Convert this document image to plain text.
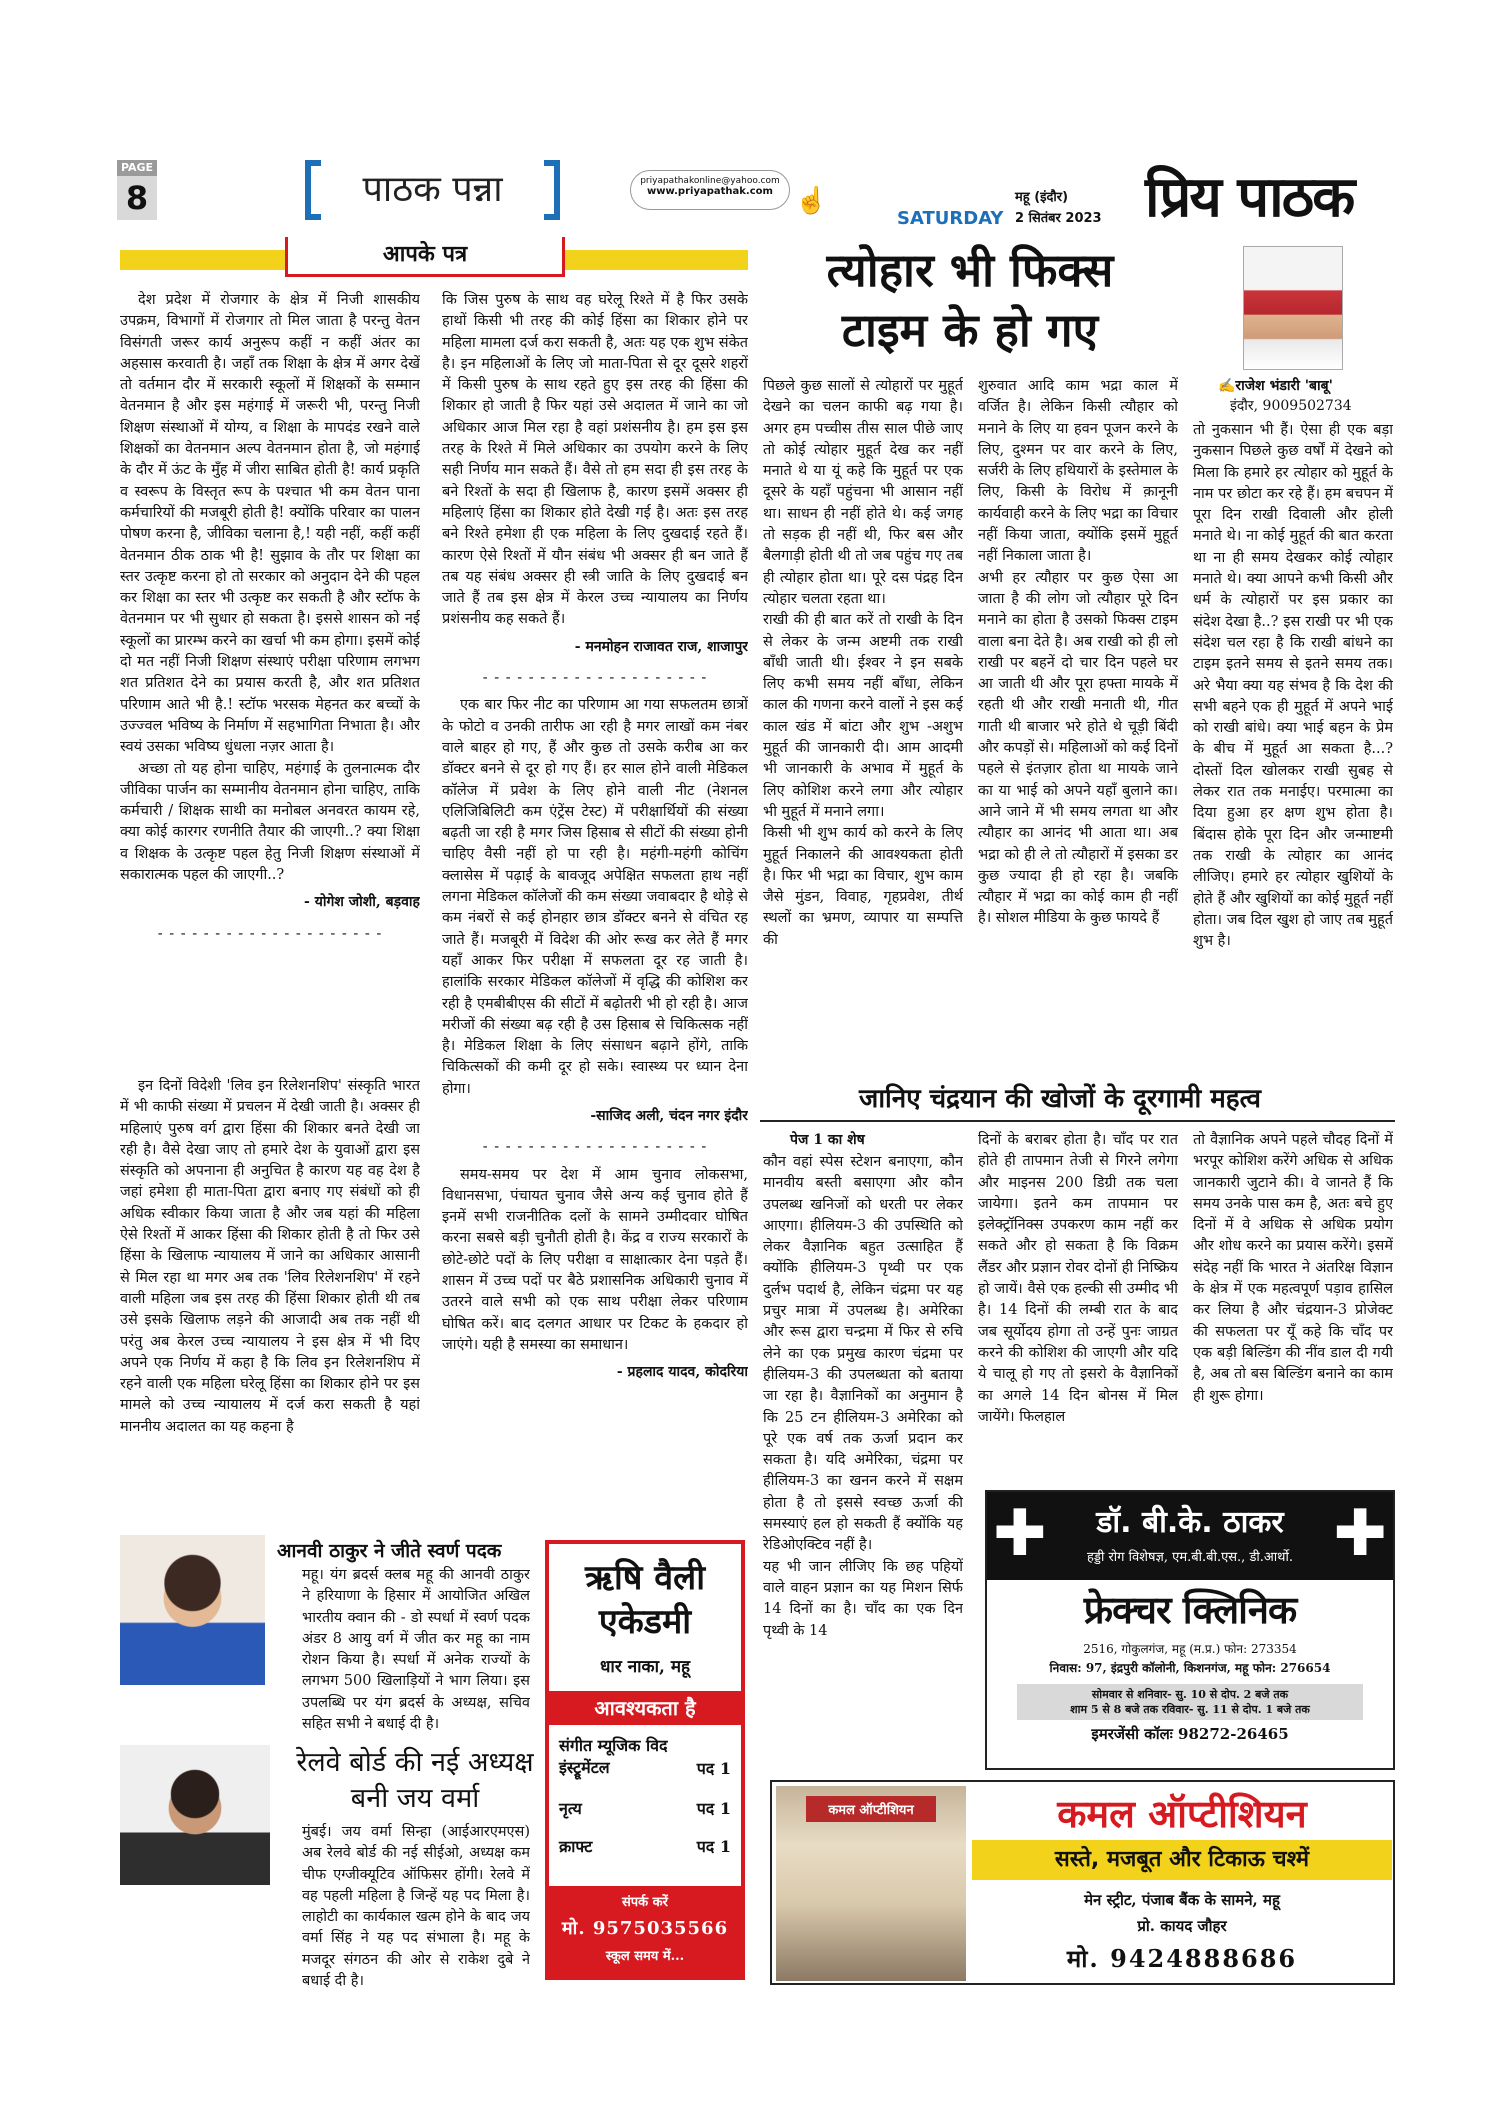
PAGE
8	पाठक पन्ना	priyapathakonline@yahoo.com
www.priyapathak.com ☝	महू (इंदौर)
SATURDAY 2 सितंबर 2023 प्रिय पाठक
आपके पत्र

देश प्रदेश में रोजगार के क्षेत्र में निजी शासकीय उपक्रम, विभागों में रोजगार तो मिल जाता है परन्तु वेतन विसंगती जरूर कार्य अनुरूप कहीं न कहीं अंतर का अहसास करवाती है। जहाँ तक शिक्षा के क्षेत्र में अगर देखें तो वर्तमान दौर में सरकारी स्कूलों में शिक्षकों के सम्मान वेतनमान है और इस महंगाई में जरूरी भी, परन्तु निजी शिक्षण संस्थाओं में योग्य, व शिक्षा के मापदंड रखने वाले शिक्षकों का वेतनमान अल्प वेतनमान होता है, जो महंगाई के दौर में ऊंट के मुँह में जीरा साबित होती है! कार्य प्रकृति व स्वरूप के विस्तृत रूप के पश्चात भी कम वेतन पाना कर्मचारियों की मजबूरी होती है! क्योंकि परिवार का पालन पोषण करना है, जीविका चलाना है,! यही नहीं, कहीं कहीं वेतनमान ठीक ठाक भी है! सुझाव के तौर पर शिक्षा का स्तर उत्कृष्ट करना हो तो सरकार को अनुदान देने की पहल कर शिक्षा का स्तर भी उत्कृष्ट कर सकती है और स्टॉफ के वेतनमान पर भी सुधार हो सकता है। इससे शासन को नई स्कूलों का प्रारम्भ करने का खर्चा भी कम होगा। इसमें कोई दो मत नहीं निजी शिक्षण संस्थाएं परीक्षा परिणाम लगभग शत प्रतिशत देने का प्रयास करती है, और शत प्रतिशत परिणाम आते भी है.! स्टॉफ भरसक मेहनत कर बच्चों के उज्ज्वल भविष्य के निर्माण में सहभागिता निभाता है। और स्वयं उसका भविष्य धुंधला नज़र आता है।

अच्छा तो यह होना चाहिए, महंगाई के तुलनात्मक दौर जीविका पार्जन का सम्मानीय वेतनमान होना चाहिए, ताकि कर्मचारी / शिक्षक साथी का मनोबल अनवरत कायम रहे, क्या कोई कारगर रणनीति तैयार की जाएगी..? क्या शिक्षा व शिक्षक के उत्कृष्ट पहल हेतु निजी शिक्षण संस्थाओं में सकारात्मक पहल की जाएगी..?

- योगेश जोशी, बड़वाह
- - - - - - - - - - - - - - - - - - - -

इन दिनों विदेशी 'लिव इन रिलेशनशिप' संस्कृति भारत में भी काफी संख्या में प्रचलन में देखी जाती है। अक्सर ही महिलाएं पुरुष वर्ग द्वारा हिंसा की शिकार बनते देखी जा रही है। वैसे देखा जाए तो हमारे देश के युवाओं द्वारा इस संस्कृति को अपनाना ही अनुचित है कारण यह वह देश है जहां हमेशा ही माता-पिता द्वारा बनाए गए संबंधों को ही अधिक स्वीकार किया जाता है और जब यहां की महिला ऐसे रिश्तों में आकर हिंसा की शिकार होती है तो फिर उसे हिंसा के खिलाफ न्यायालय में जाने का अधिकार आसानी से मिल रहा था मगर अब तक 'लिव रिलेशनशिप' में रहने वाली महिला जब इस तरह की हिंसा शिकार होती थी तब उसे इसके खिलाफ लड़ने की आजादी अब तक नहीं थी परंतु अब केरल उच्च न्यायालय ने इस क्षेत्र में भी दिए अपने एक निर्णय में कहा है कि लिव इन रिलेशनशिप में रहने वाली एक महिला घरेलू हिंसा का शिकार होने पर इस मामले को उच्च न्यायालय में दर्ज करा सकती है यहां माननीय अदालत का यह कहना है

कि जिस पुरुष के साथ वह घरेलू रिश्ते में है फिर उसके हाथों किसी भी तरह की कोई हिंसा का शिकार होने पर महिला मामला दर्ज करा सकती है, अतः यह एक शुभ संकेत है। इन महिलाओं के लिए जो माता-पिता से दूर दूसरे शहरों में किसी पुरुष के साथ रहते हुए इस तरह की हिंसा की शिकार हो जाती है फिर यहां उसे अदालत में जाने का जो अधिकार आज मिल रहा है वहां प्रशंसनीय है। हम इस इस तरह के रिश्ते में मिले अधिकार का उपयोग करने के लिए सही निर्णय मान सकते हैं। वैसे तो हम सदा ही इस तरह के बने रिश्तों के सदा ही खिलाफ है, कारण इसमें अक्सर ही महिलाएं हिंसा का शिकार होते देखी गई है। अतः इस तरह बने रिश्ते हमेशा ही एक महिला के लिए दुखदाई रहते हैं। कारण ऐसे रिश्तों में यौन संबंध भी अक्सर ही बन जाते हैं तब यह संबंध अक्सर ही स्त्री जाति के लिए दुखदाई बन जाते हैं तब इस क्षेत्र में केरल उच्च न्यायालय का निर्णय प्रशंसनीय कह सकते हैं।

- मनमोहन राजावत राज, शाजापुर
- - - - - - - - - - - - - - - - - - - -

एक बार फिर नीट का परिणाम आ गया सफलतम छात्रों के फोटो व उनकी तारीफ आ रही है मगर लाखों कम नंबर वाले बाहर हो गए, हैं और कुछ तो उसके करीब आ कर डॉक्टर बनने से दूर हो गए हैं। हर साल होने वाली मेडिकल कॉलेज में प्रवेश के लिए होने वाली नीट (नेशनल एलिजिबिलिटी कम एंट्रेंस टेस्ट) में परीक्षार्थियों की संख्या बढ़ती जा रही है मगर जिस हिसाब से सीटों की संख्या होनी चाहिए वैसी नहीं हो पा रही है। महंगी-महंगी कोचिंग क्लासेस में पढ़ाई के बावजूद अपेक्षित सफलता हाथ नहीं लगना मेडिकल कॉलेजों की कम संख्या जवाबदार है थोड़े से कम नंबरों से कई होनहार छात्र डॉक्टर बनने से वंचित रह जाते हैं। मजबूरी में विदेश की ओर रूख कर लेते हैं मगर यहाँ आकर फिर परीक्षा में सफलता दूर रह जाती है। हालांकि सरकार मेडिकल कॉलेजों में वृद्धि की कोशिश कर रही है एमबीबीएस की सीटों में बढ़ोतरी भी हो रही है। आज मरीजों की संख्या बढ़ रही है उस हिसाब से चिकित्सक नहीं है। मेडिकल शिक्षा के लिए संसाधन बढ़ाने होंगे, ताकि चिकित्सकों की कमी दूर हो सके। स्वास्थ्य पर ध्यान देना होगा।

-साजिद अली, चंदन नगर इंदौर
- - - - - - - - - - - - - - - - - - - -

समय-समय पर देश में आम चुनाव लोकसभा, विधानसभा, पंचायत चुनाव जैसे अन्य कई चुनाव होते हैं इनमें सभी राजनीतिक दलों के सामने उम्मीदवार घोषित करना सबसे बड़ी चुनौती होती है। केंद्र व राज्य सरकारों के छोटे-छोटे पदों के लिए परीक्षा व साक्षात्कार देना पड़ते हैं। शासन में उच्च पदों पर बैठे प्रशासनिक अधिकारी चुनाव में उतरने वाले सभी को एक साथ परीक्षा लेकर परिणाम घोषित करें। बाद दलगत आधार पर टिकट के हकदार हो जाएंगे। यही है समस्या का समाधान।

- प्रहलाद यादव, कोदरिया
त्योहार भी फिक्स टाइम के हो गए
✍राजेश भंडारी 'बाबू'
इंदौर, 9009502734
पिछले कुछ सालों से त्योहारों पर मुहूर्त देखने का चलन काफी बढ़ गया है। अगर हम पच्चीस तीस साल पीछे जाए तो कोई त्योहार मुहूर्त देख कर नहीं मनाते थे या यूं कहे कि मुहूर्त पर एक दूसरे के यहाँ पहुंचना भी आसान नहीं था। साधन ही नहीं होते थे। कई जगह तो सड़क ही नहीं थी, फिर बस और बैलगाड़ी होती थी तो जब पहुंच गए तब ही त्योहार होता था। पूरे दस पंद्रह दिन त्योहार चलता रहता था।
राखी की ही बात करें तो राखी के दिन से लेकर के जन्म अष्टमी तक राखी बाँधी जाती थी। ईश्वर ने इन सबके लिए कभी समय नहीं बाँधा, लेकिन काल की गणना करने वालों ने इस कई काल खंड में बांटा और शुभ -अशुभ मुहूर्त की जानकारी दी। आम आदमी भी जानकारी के अभाव में मुहूर्त के लिए कोशिश करने लगा और त्योहार भी मुहूर्त में मनाने लगा।
किसी भी शुभ कार्य को करने के लिए मुहूर्त निकालने की आवश्यकता होती है। फिर भी भद्रा का विचार, शुभ काम जैसे मुंडन, विवाह, गृहप्रवेश, तीर्थ स्थलों का भ्रमण, व्यापार या सम्पत्ति की
शुरुवात आदि काम भद्रा काल में वर्जित है। लेकिन किसी त्यौहार को मनाने के लिए या हवन पूजन करने के लिए, दुश्मन पर वार करने के लिए, सर्जरी के लिए हथियारों के इस्तेमाल के लिए, किसी के विरोध में क़ानूनी कार्यवाही करने के लिए भद्रा का विचार नहीं किया जाता, क्योंकि इसमें मुहूर्त नहीं निकाला जाता है।
अभी हर त्यौहार पर कुछ ऐसा आ जाता है की लोग जो त्यौहार पूरे दिन मनाने का होता है उसको फिक्स टाइम वाला बना देते है। अब राखी को ही लो राखी पर बहनें दो चार दिन पहले घर आ जाती थी और पूरा हफ्ता मायके में रहती थी और राखी मनाती थी, गीत गाती थी बाजार भरे होते थे चूड़ी बिंदी और कपड़ों से। महिलाओं को कई दिनों पहले से इंतज़ार होता था मायके जाने का या भाई को अपने यहाँ बुलाने का। आने जाने में भी समय लगता था और त्यौहार का आनंद भी आता था। अब भद्रा को ही ले तो त्यौहारों में इसका डर कुछ ज्यादा ही हो रहा है। जबकि त्यौहार में भद्रा का कोई काम ही नहीं है। सोशल मीडिया के कुछ फायदे हैं
तो नुकसान भी हैं। ऐसा ही एक बड़ा नुकसान पिछले कुछ वर्षों में देखने को मिला कि हमारे हर त्योहार को मुहूर्त के नाम पर छोटा कर रहे हैं। हम बचपन में पूरा दिन राखी दिवाली और होली मनाते थे। ना कोई मुहूर्त की बात करता था ना ही समय देखकर कोई त्योहार मनाते थे। क्या आपने कभी किसी और धर्म के त्योहारों पर इस प्रकार का संदेश देखा है..? इस राखी पर भी एक संदेश चल रहा है कि राखी बांधने का टाइम इतने समय से इतने समय तक। अरे भैया क्या यह संभव है कि देश की सभी बहने एक ही मुहूर्त में अपने भाई को राखी बांधे। क्या भाई बहन के प्रेम के बीच में मुहूर्त आ सकता है...? दोस्तों दिल खोलकर राखी सुबह से लेकर रात तक मनाईए। परमात्मा का दिया हुआ हर क्षण शुभ होता है। बिंदास होके पूरा दिन और जन्माष्टमी तक राखी के त्योहार का आनंद लीजिए। हमारे हर त्योहार खुशियों के होते हैं और खुशियों का कोई मुहूर्त नहीं होता। जब दिल खुश हो जाए तब मुहूर्त शुभ है।
जानिए चंद्रयान की खोजों के दूरगामी महत्व
पेज 1 का शेष
कौन वहां स्पेस स्टेशन बनाएगा, कौन मानवीय बस्ती बसाएगा और कौन उपलब्ध खनिजों को धरती पर लेकर आएगा। हीलियम-3 की उपस्थिति को लेकर वैज्ञानिक बहुत उत्साहित हैं क्योंकि हीलियम-3 पृथ्वी पर एक दुर्लभ पदार्थ है, लेकिन चंद्रमा पर यह प्रचुर मात्रा में उपलब्ध है। अमेरिका और रूस द्वारा चन्द्रमा में फिर से रुचि लेने का एक प्रमुख कारण चंद्रमा पर हीलियम-3 की उपलब्धता को बताया जा रहा है। वैज्ञानिकों का अनुमान है कि 25 टन हीलियम-3 अमेरिका को पूरे एक वर्ष तक ऊर्जा प्रदान कर सकता है। यदि अमेरिका, चंद्रमा पर हीलियम-3 का खनन करने में सक्षम होता है तो इससे स्वच्छ ऊर्जा की समस्याएं हल हो सकती हैं क्योंकि यह रेडिओएक्टिव नहीं है।
यह भी जान लीजिए कि छह पहियों वाले वाहन प्रज्ञान का यह मिशन सिर्फ 14 दिनों का है। चाँद का एक दिन पृथ्वी के 14
दिनों के बराबर होता है। चाँद पर रात होते ही तापमान तेजी से गिरने लगेगा और माइनस 200 डिग्री तक चला जायेगा। इतने कम तापमान पर इलेक्ट्रॉनिक्स उपकरण काम नहीं कर सकते और हो सकता है कि विक्रम लैंडर और प्रज्ञान रोवर दोनों ही निष्क्रिय हो जायें। वैसे एक हल्की सी उम्मीद भी है। 14 दिनों की लम्बी रात के बाद जब सूर्योदय होगा तो उन्हें पुनः जाग्रत करने की कोशिश की जाएगी और यदि ये चालू हो गए तो इसरो के वैज्ञानिकों का अगले 14 दिन बोनस में मिल जायेंगे। फिलहाल
तो वैज्ञानिक अपने पहले चौदह दिनों में भरपूर कोशिश करेंगे अधिक से अधिक जानकारी जुटाने की। वे जानते हैं कि समय उनके पास कम है, अतः बचे हुए दिनों में वे अधिक से अधिक प्रयोग और शोध करने का प्रयास करेंगे। इसमें संदेह नहीं कि भारत ने अंतरिक्ष विज्ञान के क्षेत्र में एक महत्वपूर्ण पड़ाव हासिल कर लिया है और चंद्रयान-3 प्रोजेक्ट की सफलता पर यूँ कहे कि चाँद पर एक बड़ी बिल्डिंग की नींव डाल दी गयी है, अब तो बस बिल्डिंग बनाने का काम ही शुरू होगा।
आनवी ठाकुर ने जीते स्वर्ण पदक
महू। यंग ब्रदर्स क्लब महू की आनवी ठाकुर ने हरियाणा के हिसार में आयोजित अखिल भारतीय क्वान की - डो स्पर्धा में स्वर्ण पदक अंडर 8 आयु वर्ग में जीत कर महू का नाम रोशन किया है। स्पर्धा में अनेक राज्यों के लगभग 500 खिलाड़ियों ने भाग लिया। इस उपलब्धि पर यंग ब्रदर्स के अध्यक्ष, सचिव सहित सभी ने बधाई दी है।
रेलवे बोर्ड की नई अध्यक्ष बनी जय वर्मा
मुंबई। जय वर्मा सिन्हा (आईआरएमएस) अब रेलवे बोर्ड की नई सीईओ, अध्यक्ष कम चीफ एग्जीक्यूटिव ऑफिसर होंगी। रेलवे में वह पहली महिला है जिन्हें यह पद मिला है। लाहोटी का कार्यकाल खत्म होने के बाद जय वर्मा सिंह ने यह पद संभाला है। महू के मजदूर संगठन की ओर से राकेश दुबे ने बधाई दी है।
ऋषि वैली एकेडमी
धार नाका, महू
आवश्यकता है
संगीत म्यूजिक विद इंस्ट्रूमेंटल	पद 1
नृत्य	पद 1
क्राफ्ट	पद 1
संपर्क करें
मो. 9575035566
स्कूल समय में...
✚	डॉ. बी.के. ठाकर
हड्डी रोग विशेषज्ञ, एम.बी.बी.एस., डी.आर्थो. ✚
फ्रेक्चर क्लिनिक
2516, गोकुलगंज, महू (म.प्र.) फोन: 273354
निवास: 97, इंद्रपुरी कॉलोनी, किशनगंज, महू फोन: 276654
सोमवार से शनिवार- सु. 10 से दोप. 2 बजे तक
शाम 5 से 8 बजे तक रविवार- सु. 11 से दोप. 1 बजे तक
इमरजेंसी कॉलः 98272-26465
कमल ऑप्टीशियन	कमल ऑप्टीशियन
सस्ते, मजबूत और टिकाऊ चश्में
मेन स्ट्रीट, पंजाब बैंक के सामने, महू
प्रो. कायद जौहर
मो. 9424888686
